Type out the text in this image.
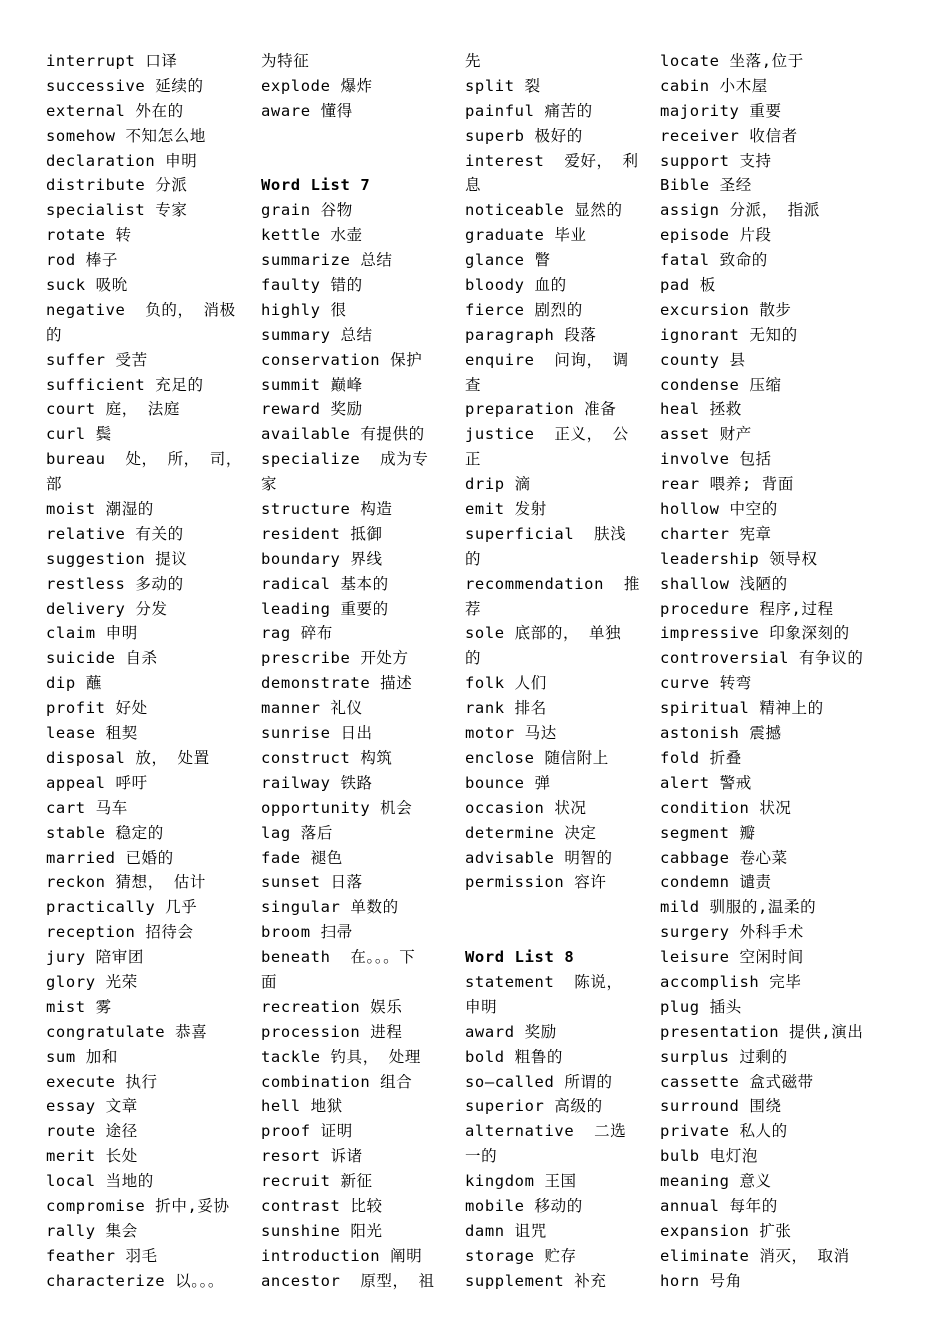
interrupt 口译
successive 延续的
external 外在的
somehow 不知怎么地
declaration 申明
distribute 分派
specialist 专家
rotate 转
rod 棒子
suck 吸吮
negative  负的， 消极
的
suffer 受苦
sufficient 充足的
court 庭， 法庭
curl 鬓
bureau  处， 所， 司，
部
moist 潮湿的
relative 有关的
suggestion 提议
restless 多动的
delivery 分发
claim 申明
suicide 自杀
dip 蘸
profit 好处
lease 租契
disposal 放， 处置
appeal 呼吁
cart 马车
stable 稳定的
married 已婚的
reckon 猜想， 估计
practically 几乎
reception 招待会
jury 陪审团
glory 光荣
mist 雾
congratulate 恭喜
sum 加和
execute 执行
essay 文章
route 途径
merit 长处
local 当地的
compromise 折中,妥协
rally 集会
feather 羽毛
characterize 以。。。
为特征
explode 爆炸
aware 懂得
Word List 7
grain 谷物
kettle 水壶
summarize 总结
faulty 错的
highly 很
summary 总结
conservation 保护
summit 巅峰
reward 奖励
available 有提供的
specialize  成为专
家
structure 构造
resident 抵御
boundary 界线
radical 基本的
leading 重要的
rag 碎布
prescribe 开处方
demonstrate 描述
manner 礼仪
sunrise 日出
construct 构筑
railway 铁路
opportunity 机会
lag 落后
fade 褪色
sunset 日落
singular 单数的
broom 扫帚
beneath  在。。。下
面
recreation 娱乐
procession 进程
tackle 钓具， 处理
combination 组合
hell 地狱
proof 证明
resort 诉诸
recruit 新征
contrast 比较
sunshine 阳光
introduction 阐明
ancestor  原型， 祖
先
split 裂
painful 痛苦的
superb 极好的
interest  爱好， 利
息
noticeable 显然的
graduate 毕业
glance 瞥
bloody 血的
fierce 剧烈的
paragraph 段落
enquire  问询， 调
查
preparation 准备
justice  正义， 公
正
drip 滴
emit 发射
superficial  肤浅
的
recommendation  推
荐
sole 底部的， 单独
的
folk 人们
rank 排名
motor 马达
enclose 随信附上
bounce 弹
occasion 状况
determine 决定
advisable 明智的
permission 容许
Word List 8
statement  陈说，
申明
award 奖励
bold 粗鲁的
so—called 所谓的
superior 高级的
alternative  二选
一的
kingdom 王国
mobile 移动的
damn 诅咒
storage 贮存
supplement 补充
locate 坐落,位于
cabin 小木屋
majority 重要
receiver 收信者
support 支持
Bible 圣经
assign 分派， 指派
episode 片段
fatal 致命的
pad 板
excursion 散步
ignorant 无知的
county 县
condense 压缩
heal 拯救
asset 财产
involve 包括
rear 喂养; 背面
hollow 中空的
charter 宪章
leadership 领导权
shallow 浅陋的
procedure 程序,过程
impressive 印象深刻的
controversial 有争议的
curve 转弯
spiritual 精神上的
astonish 震撼
fold 折叠
alert 警戒
condition 状况
segment 瓣
cabbage 卷心菜
condemn 谴责
mild 驯服的,温柔的
surgery 外科手术
leisure 空闲时间
accomplish 完毕
plug 插头
presentation 提供,演出
surplus 过剩的
cassette 盒式磁带
surround 围绕
private 私人的
bulb 电灯泡
meaning 意义
annual 每年的
expansion 扩张
eliminate 消灭， 取消
horn 号角
